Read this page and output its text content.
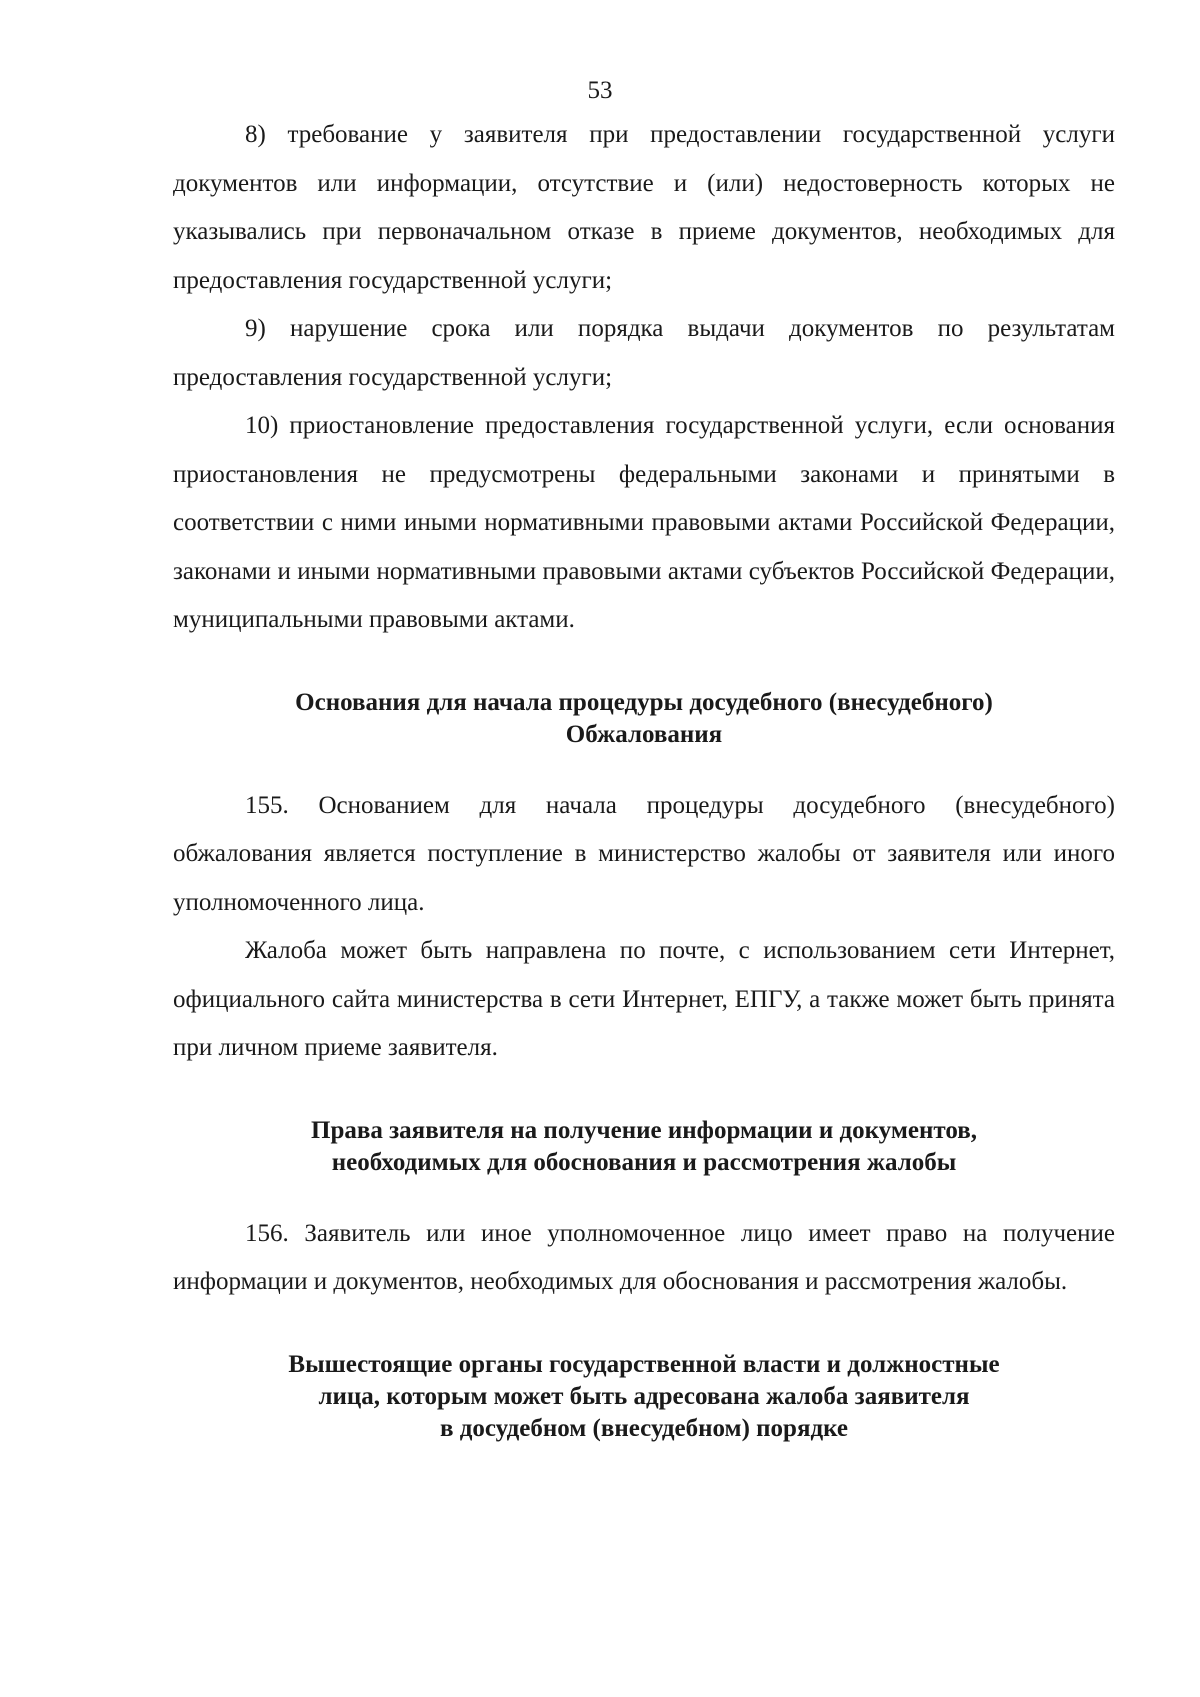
53

8) требование у заявителя при предоставлении государственной услуги документов или информации, отсутствие и (или) недостоверность которых не указывались при первоначальном отказе в приеме документов, необходимых для предоставления государственной услуги;

9) нарушение срока или порядка выдачи документов по результатам предоставления государственной услуги;

10) приостановление предоставления государственной услуги, если основания приостановления не предусмотрены федеральными законами и принятыми в соответствии с ними иными нормативными правовыми актами Российской Федерации, законами и иными нормативными правовыми актами субъектов Российской Федерации, муниципальными правовыми актами.

Основания для начала процедуры досудебного (внесудебного)
Обжалования

155. Основанием для начала процедуры досудебного (внесудебного) обжалования является поступление в министерство жалобы от заявителя или иного уполномоченного лица.

Жалоба может быть направлена по почте, с использованием сети Интернет, официального сайта министерства в сети Интернет, ЕПГУ, а также может быть принята при личном приеме заявителя.

Права заявителя на получение информации и документов,
необходимых для обоснования и рассмотрения жалобы

156. Заявитель или иное уполномоченное лицо имеет право на получение информации и документов, необходимых для обоснования и рассмотрения жалобы.

Вышестоящие органы государственной власти и должностные
лица, которым может быть адресована жалоба заявителя
в досудебном (внесудебном) порядке
